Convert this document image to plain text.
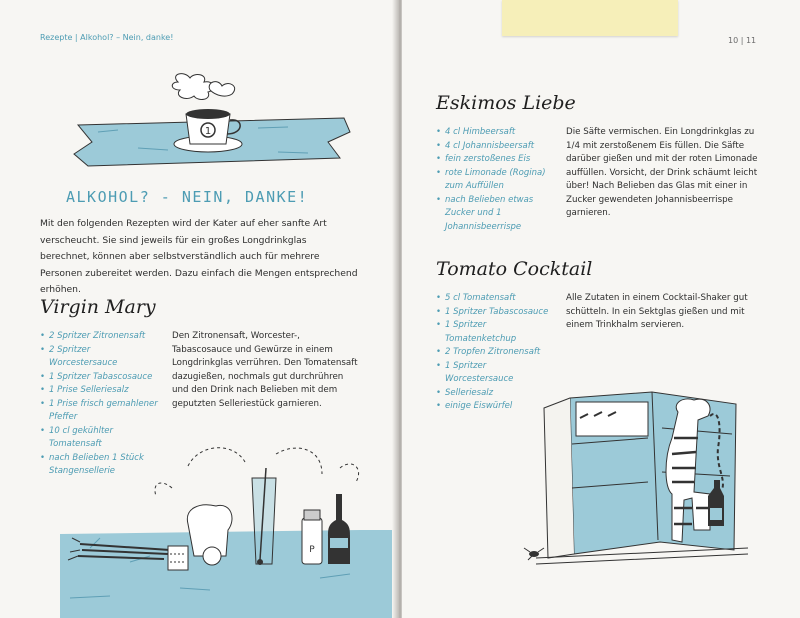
Rezepte | Alkohol? – Nein, danke!
1
ALKOHOL? - NEIN, DANKE!
Mit den folgenden Rezepten wird der Kater auf eher sanfte Art verscheucht. Sie sind jeweils für ein großes Longdrinkglas berechnet, können aber selbstverständlich auch für mehrere Personen zubereitet werden. Dazu einfach die Mengen entsprechend erhöhen.
Virgin Mary
• 2 Spritzer Zitronensaft
• 2 Spritzer Worcestersauce
• 1 Spritzer Tabascosauce
• 1 Prise Selleriesalz
• 1 Prise frisch gemahlener Pfeffer
• 10 cl gekühlter Tomatensaft
• nach Belieben 1 Stück Stangensellerie
Den Zitronensaft, Worcester-, Tabascosauce und Gewürze in einem Longdrinkglas verrühren. Den Tomatensaft dazugießen, nochmals gut durchrühren und den Drink nach Belieben mit dem geputzten Selleriestück garnieren.
P
10 | 11
Eskimos Liebe
• 4 cl Himbeersaft
• 4 cl Johannisbeersaft
• fein zerstoßenes Eis
• rote Limonade (Rogina) zum Auffüllen
• nach Belieben etwas Zucker und 1 Johannisbeerrispe
Die Säfte vermischen. Ein Longdrinkglas zu 1/4 mit zerstoßenem Eis füllen. Die Säfte darüber gießen und mit der roten Limonade auffüllen. Vorsicht, der Drink schäumt leicht über! Nach Belieben das Glas mit einer in Zucker gewendeten Johannisbeerrispe garnieren.
Tomato Cocktail
• 5 cl Tomatensaft
• 1 Spritzer Tabascosauce
• 1 Spritzer Tomatenketchup
• 2 Tropfen Zitronensaft
• 1 Spritzer Worcestersauce
• Selleriesalz
• einige Eiswürfel
Alle Zutaten in einem Cocktail-Shaker gut schütteln. In ein Sektglas gießen und mit einem Trinkhalm servieren.
